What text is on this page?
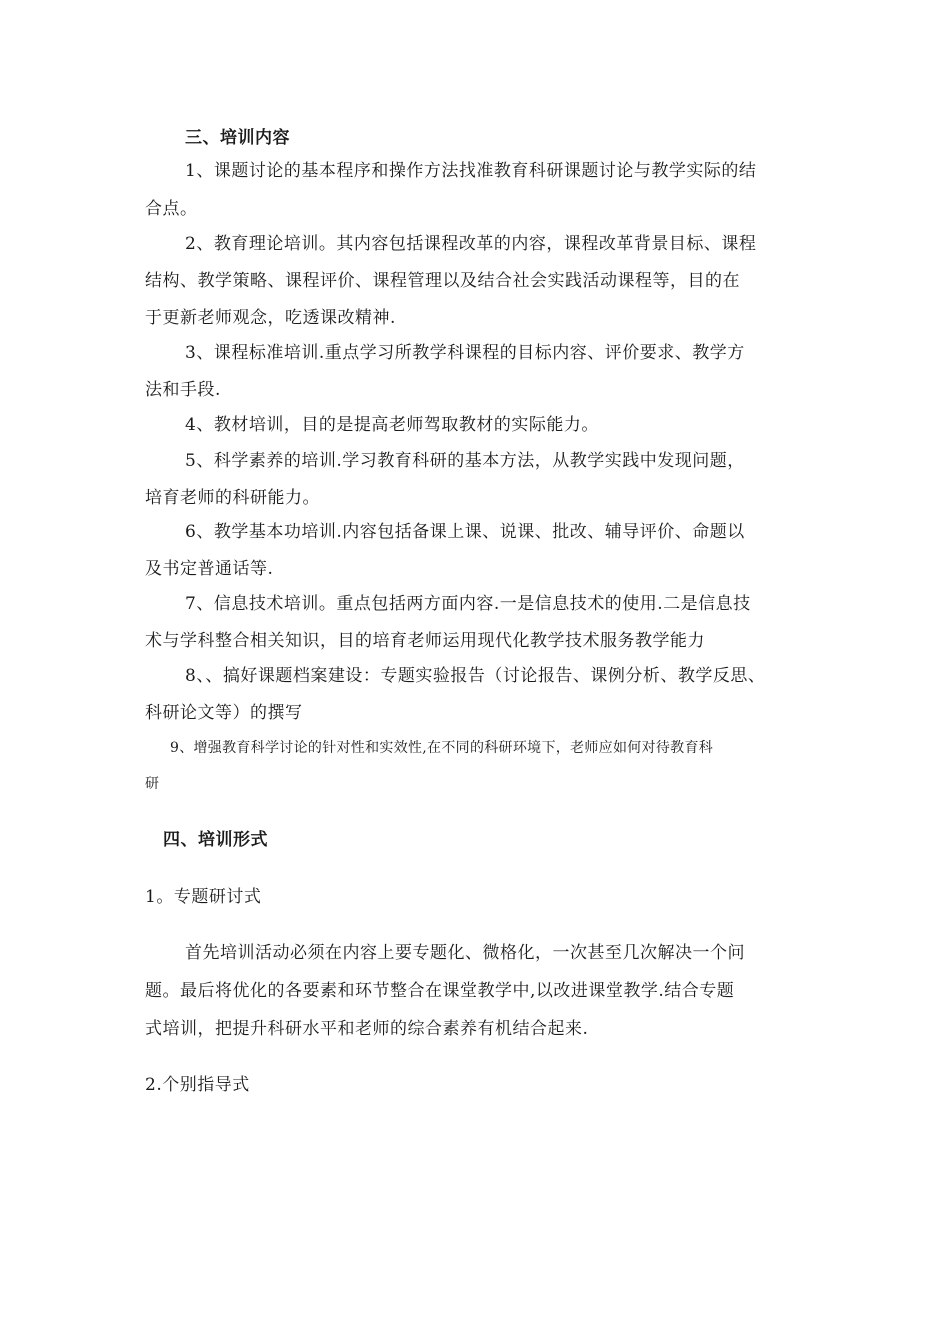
三、培训内容
1、课题讨论的基本程序和操作方法找准教育科研课题讨论与教学实际的结
合点。
2、教育理论培训。其内容包括课程改革的内容，课程改革背景目标、课程
结构、教学策略、课程评价、课程管理以及结合社会实践活动课程等，目的在
于更新老师观念，吃透课改精神.
3、课程标准培训.重点学习所教学科课程的目标内容、评价要求、教学方
法和手段.
4、教材培训，目的是提高老师驾取教材的实际能力。
5、科学素养的培训.学习教育科研的基本方法，从教学实践中发现问题，
培育老师的科研能力。
6、教学基本功培训.内容包括备课上课、说课、批改、辅导评价、命题以
及书定普通话等.
7、信息技术培训。重点包括两方面内容.一是信息技术的使用.二是信息技
术与学科整合相关知识，目的培育老师运用现代化教学技术服务教学能力
8、、搞好课题档案建设：专题实验报告（讨论报告、课例分析、教学反思、
科研论文等）的撰写
9、增强教育科学讨论的针对性和实效性,在不同的科研环境下，老师应如何对待教育科
研
四、培训形式
1。专题研讨式
首先培训活动必须在内容上要专题化、微格化，一次甚至几次解决一个问
题。最后将优化的各要素和环节整合在课堂教学中,以改进课堂教学.结合专题
式培训，把提升科研水平和老师的综合素养有机结合起来.
2.个别指导式
